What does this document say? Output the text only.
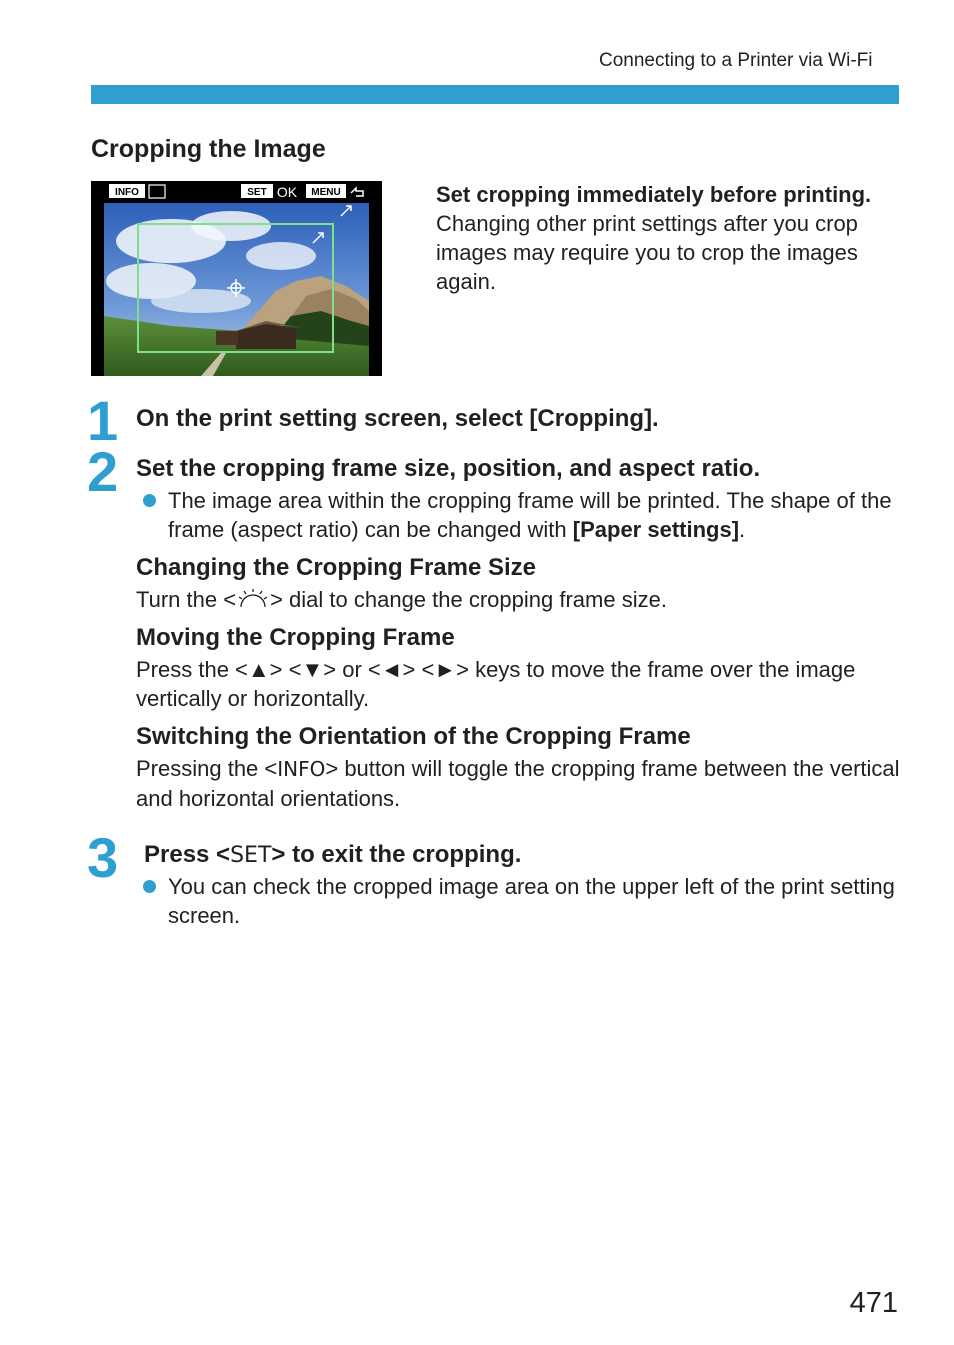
Connecting to a Printer via Wi-Fi
Cropping the Image
INFO	SET OK MENU	Set cropping immediately before printing. Changing other print settings after you crop images may require you to crop the images again.
1 On the print setting screen, select [Cropping].
2 Set the cropping frame size, position, and aspect ratio.
The image area within the cropping frame will be printed. The shape of the frame (aspect ratio) can be changed with [Paper settings].
Changing the Cropping Frame Size
Turn the < > dial to change the cropping frame size.
Moving the Cropping Frame
Press the <▲> <▼> or <◄> <►> keys to move the frame over the image vertically or horizontally.
Switching the Orientation of the Cropping Frame
Pressing the <INFO> button will toggle the cropping frame between the vertical and horizontal orientations.
3 Press <SET> to exit the cropping.
You can check the cropped image area on the upper left of the print setting screen.
471
